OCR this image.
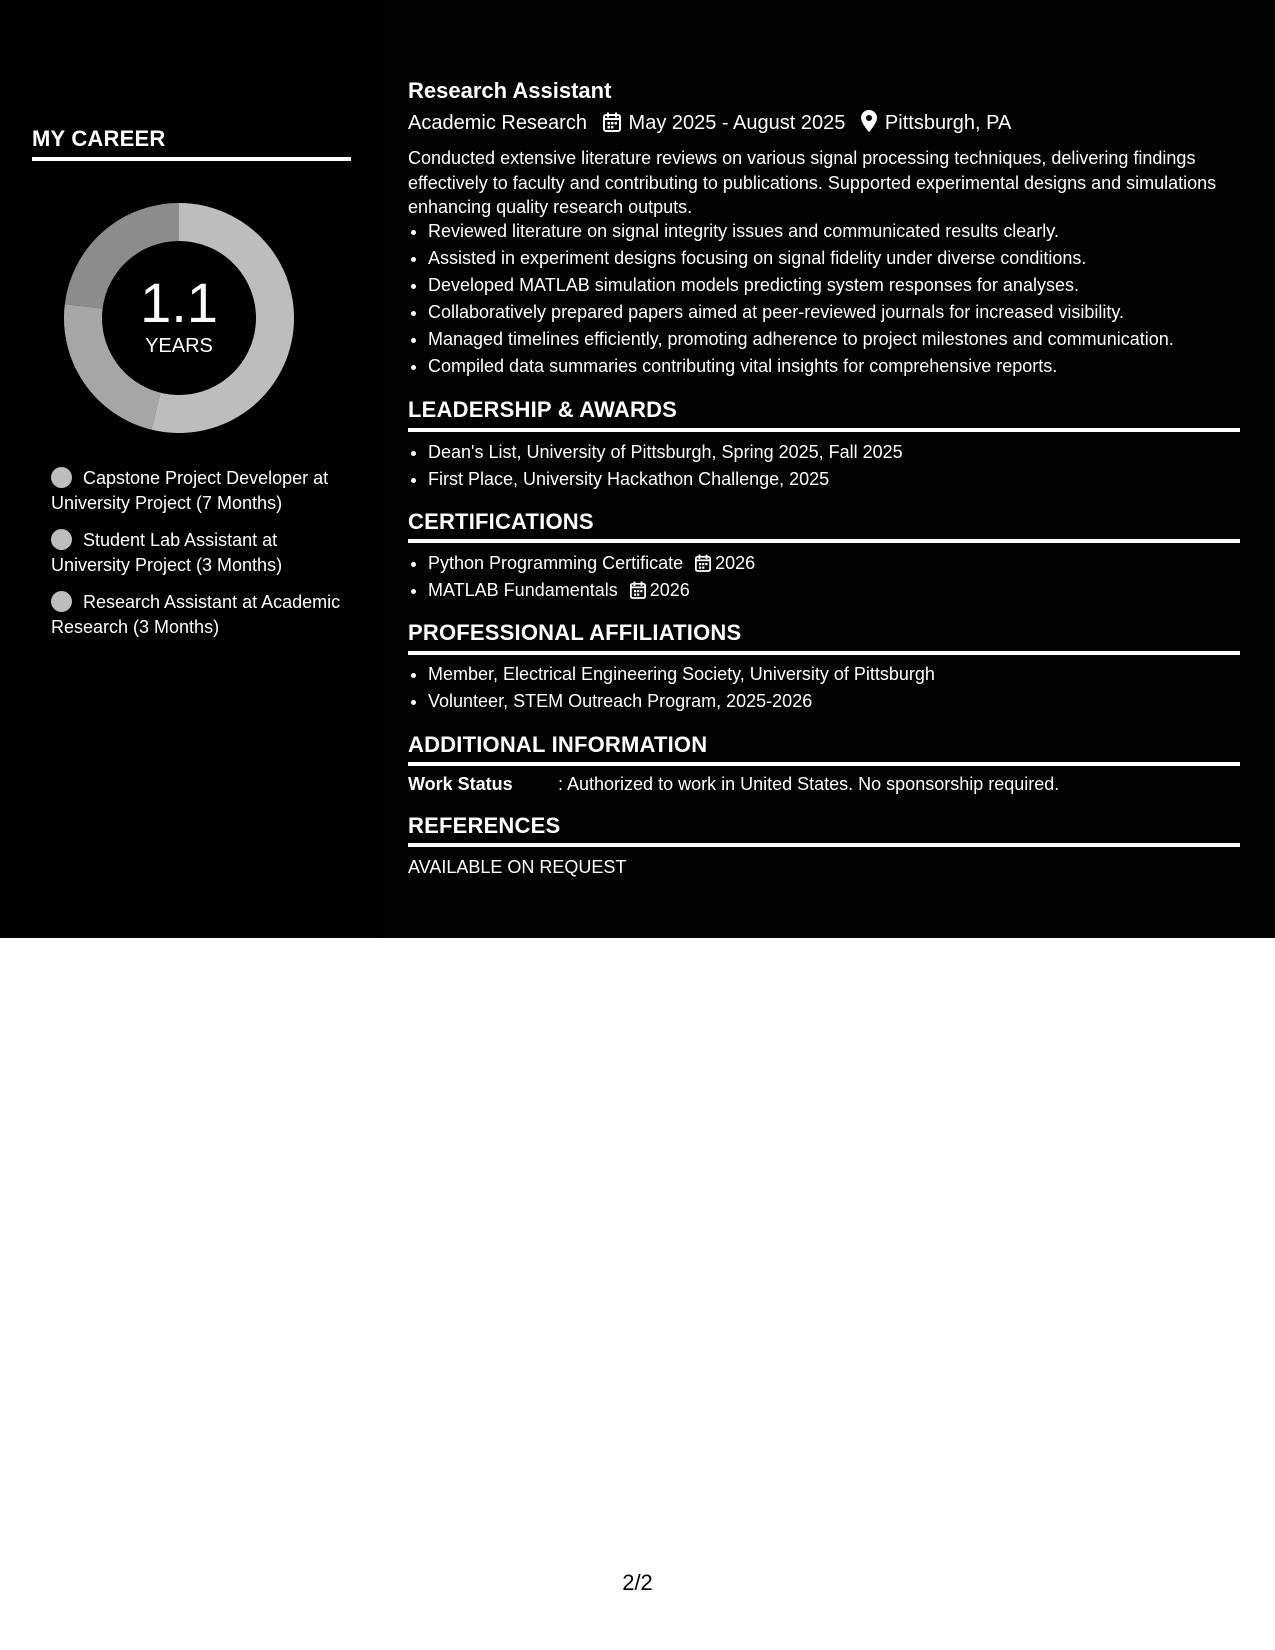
MY CAREER
1.1
YEARS
Capstone Project Developer at University Project (7 Months)
Student Lab Assistant at University Project (3 Months)
Research Assistant at Academic Research (3 Months)
Research Assistant
Academic Research May 2025 - August 2025 Pittsburgh, PA
Conducted extensive literature reviews on various signal processing techniques, delivering findings effectively to faculty and contributing to publications. Supported experimental designs and simulations enhancing quality research outputs.
• Reviewed literature on signal integrity issues and communicated results clearly.
• Assisted in experiment designs focusing on signal fidelity under diverse conditions.
• Developed MATLAB simulation models predicting system responses for analyses.
• Collaboratively prepared papers aimed at peer-reviewed journals for increased visibility.
• Managed timelines efficiently, promoting adherence to project milestones and communication.
• Compiled data summaries contributing vital insights for comprehensive reports.
LEADERSHIP & AWARDS
• Dean's List, University of Pittsburgh, Spring 2025, Fall 2025
• First Place, University Hackathon Challenge, 2025
CERTIFICATIONS
• Python Programming Certificate 2026
• MATLAB Fundamentals 2026
PROFESSIONAL AFFILIATIONS
• Member, Electrical Engineering Society, University of Pittsburgh
• Volunteer, STEM Outreach Program, 2025-2026
ADDITIONAL INFORMATION
Work Status	: Authorized to work in United States. No sponsorship required.
REFERENCES
AVAILABLE ON REQUEST
2/2
